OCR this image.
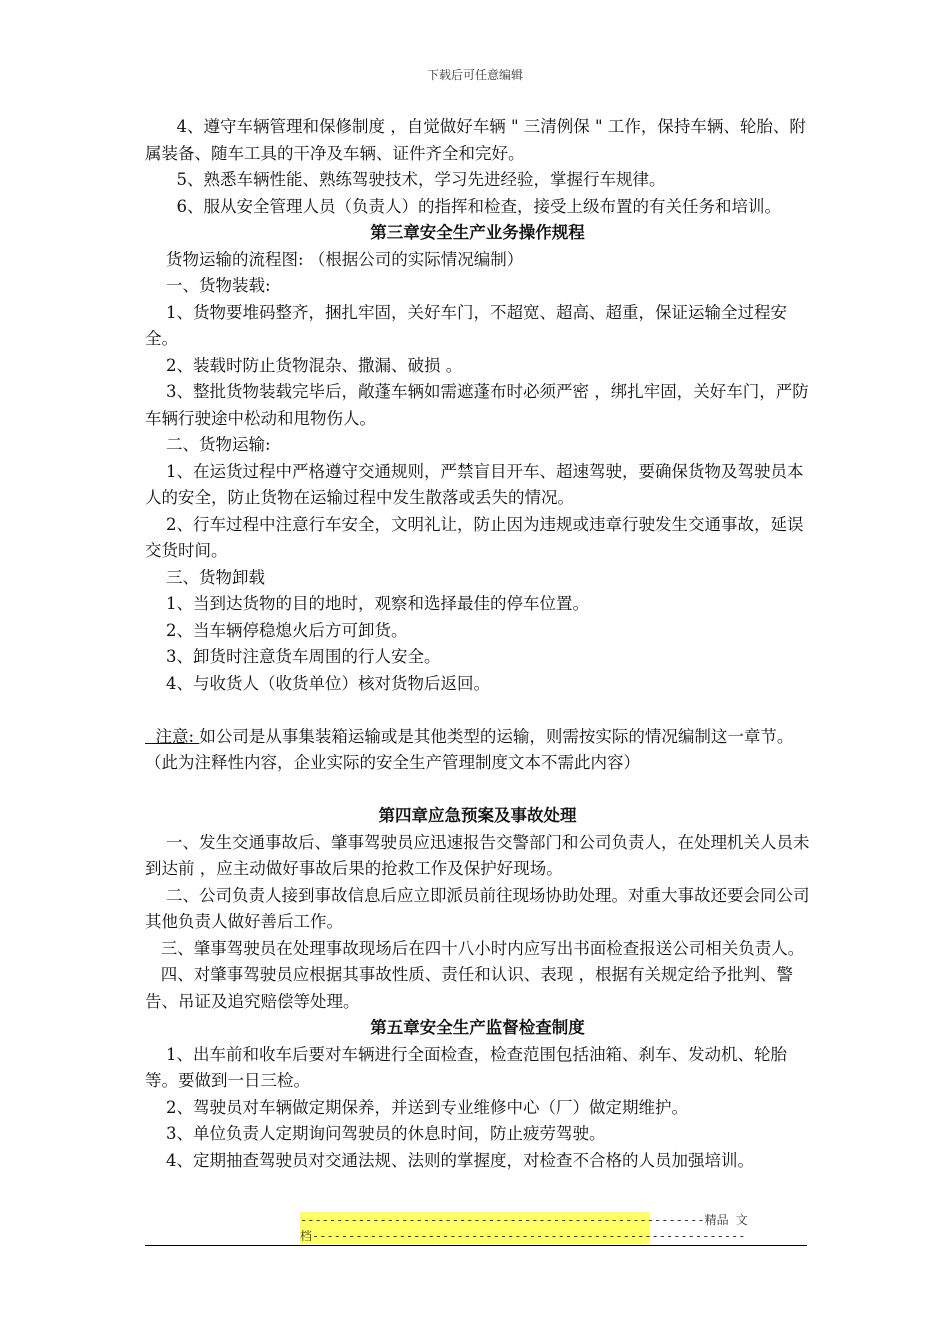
下载后可任意编辑

4、遵守车辆管理和保修制度 ，自觉做好车辆 " 三清例保 " 工作，保持车辆、轮胎、附属装备、随车工具的干净及车辆、证件齐全和完好。

5、熟悉车辆性能、熟练驾驶技术，学习先进经验，掌握行车规律。

6、服从安全管理人员（负责人）的指挥和检查，接受上级布置的有关任务和培训。

第三章安全生产业务操作规程

货物运输的流程图: （根据公司的实际情况编制）

一、货物装载:

1、货物要堆码整齐，捆扎牢固，关好车门，不超宽、超高、超重，保证运输全过程安全。

2、装载时防止货物混杂、撒漏、破损 。

3、整批货物装载完毕后，敞蓬车辆如需遮蓬布时必须严密 ，绑扎牢固，关好车门，严防车辆行驶途中松动和甩物伤人。

二、货物运输:

1、在运货过程中严格遵守交通规则，严禁盲目开车、超速驾驶，要确保货物及驾驶员本人的安全，防止货物在运输过程中发生散落或丢失的情况。

2、行车过程中注意行车安全，文明礼让，防止因为违规或违章行驶发生交通事故，延误交货时间。

三、货物卸载

1、当到达货物的目的地时，观察和选择最佳的停车位置。

2、当车辆停稳熄火后方可卸货。

3、卸货时注意货车周围的行人安全。

4、与收货人（收货单位）核对货物后返回。

注意: 如公司是从事集装箱运输或是其他类型的运输，则需按实际的情况编制这一章节。（此为注释性内容，企业实际的安全生产管理制度文本不需此内容）

第四章应急预案及事故处理

一、发生交通事故后、肇事驾驶员应迅速报告交警部门和公司负责人，在处理机关人员未到达前 ，应主动做好事故后果的抢救工作及保护好现场。

二、公司负责人接到事故信息后应立即派员前往现场协助处理。对重大事故还要会同公司其他负责人做好善后工作。

三、肇事驾驶员在处理事故现场后在四十八小时内应写出书面检查报送公司相关负责人。

四、对肇事驾驶员应根据其事故性质、责任和认识、表现 ，根据有关规定给予批判、警告、吊证及追究赔偿等处理。

第五章安全生产监督检查制度

1、出车前和收车后要对车辆进行全面检查，检查范围包括油箱、刹车、发动机、轮胎等。要做到一日三检。

2、驾驶员对车辆做定期保养，并送到专业维修中心（厂）做定期维护。

3、单位负责人定期询问驾驶员的休息时间，防止疲劳驾驶。

4、定期抽查驾驶员对交通法规、法则的掌握度，对检查不合格的人员加强培训。

--------------------------------------------------------精品 文

档------------------------------------------------------------
